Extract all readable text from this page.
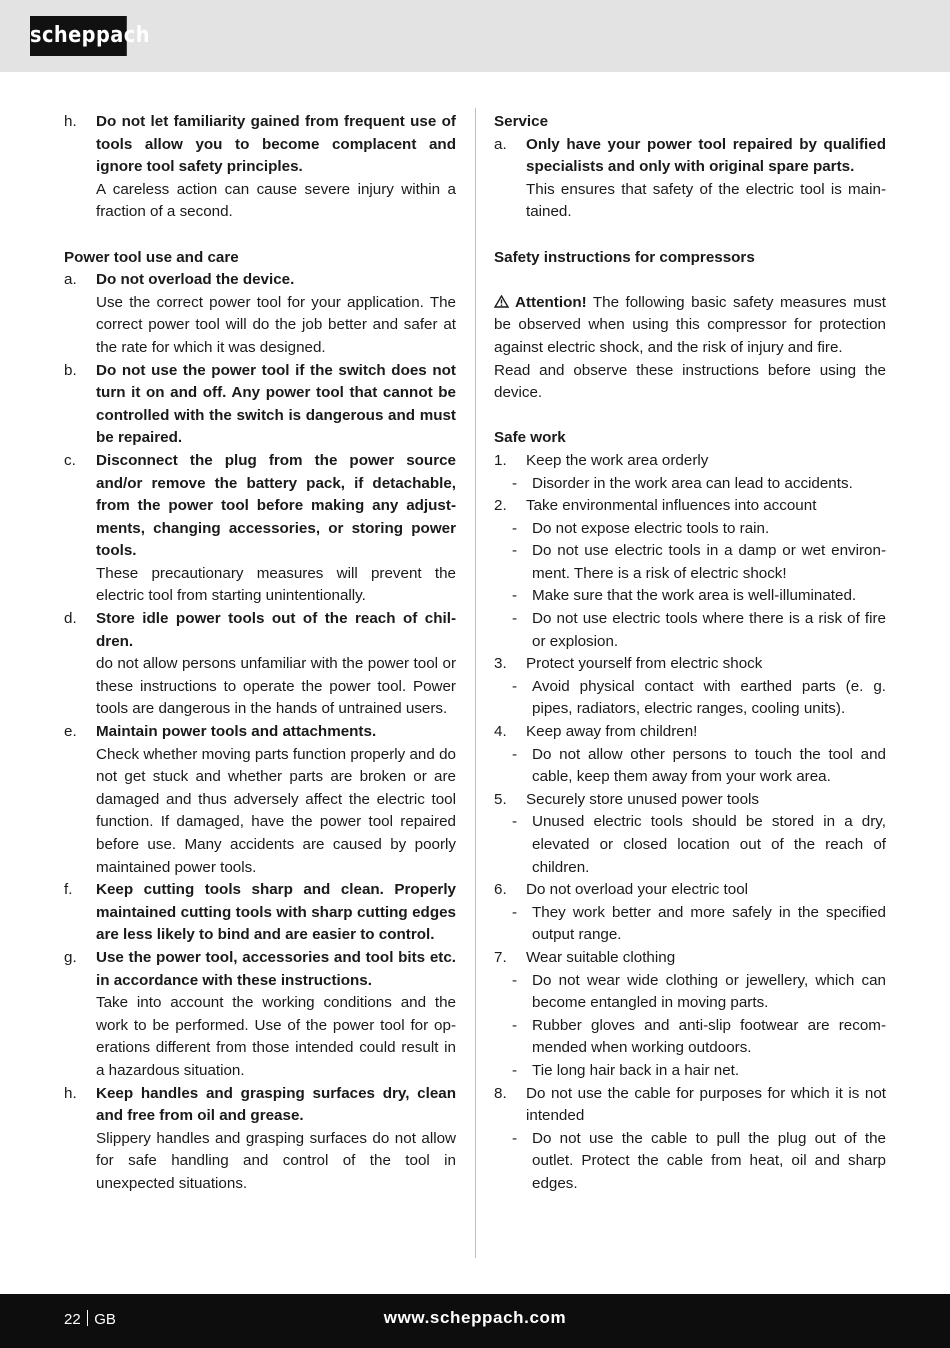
scheppach
h. Do not let familiarity gained from frequent use of tools allow you to become complacent and ignore tool safety principles.
A careless action can cause severe injury within a fraction of a second.
Power tool use and care
a. Do not overload the device.
Use the correct power tool for your application. The correct power tool will do the job better and safer at the rate for which it was designed.
b. Do not use the power tool if the switch does not turn it on and off. Any power tool that cannot be controlled with the switch is dangerous and must be repaired.
c. Disconnect the plug from the power source and/or remove the battery pack, if detachable, from the power tool before making any adjustments, changing accessories, or storing power tools.
These precautionary measures will prevent the electric tool from starting unintentionally.
d. Store idle power tools out of the reach of children.
do not allow persons unfamiliar with the power tool or these instructions to operate the power tool. Power tools are dangerous in the hands of untrained users.
e. Maintain power tools and attachments.
Check whether moving parts function properly and do not get stuck and whether parts are broken or are damaged and thus adversely affect the electric tool function. If damaged, have the power tool repaired before use. Many accidents are caused by poorly maintained power tools.
f. Keep cutting tools sharp and clean. Properly maintained cutting tools with sharp cutting edges are less likely to bind and are easier to control.
g. Use the power tool, accessories and tool bits etc. in accordance with these instructions.
Take into account the working conditions and the work to be performed. Use of the power tool for operations different from those intended could result in a hazardous situation.
h. Keep handles and grasping surfaces dry, clean and free from oil and grease.
Slippery handles and grasping surfaces do not allow for safe handling and control of the tool in unexpected situations.
Service
a. Only have your power tool repaired by qualified specialists and only with original spare parts.
This ensures that safety of the electric tool is maintained.
Safety instructions for compressors
Attention! The following basic safety measures must be observed when using this compressor for protection against electric shock, and the risk of injury and fire.
Read and observe these instructions before using the device.
Safe work
1. Keep the work area orderly
- Disorder in the work area can lead to accidents.
2. Take environmental influences into account
- Do not expose electric tools to rain.
- Do not use electric tools in a damp or wet environment. There is a risk of electric shock!
- Make sure that the work area is well-illuminated.
- Do not use electric tools where there is a risk of fire or explosion.
3. Protect yourself from electric shock
- Avoid physical contact with earthed parts (e. g. pipes, radiators, electric ranges, cooling units).
4. Keep away from children!
- Do not allow other persons to touch the tool and cable, keep them away from your work area.
5. Securely store unused power tools
- Unused electric tools should be stored in a dry, elevated or closed location out of the reach of children.
6. Do not overload your electric tool
- They work better and more safely in the specified output range.
7. Wear suitable clothing
- Do not wear wide clothing or jewellery, which can become entangled in moving parts.
- Rubber gloves and anti-slip footwear are recommended when working outdoors.
- Tie long hair back in a hair net.
8. Do not use the cable for purposes for which it is not intended
- Do not use the cable to pull the plug out of the outlet. Protect the cable from heat, oil and sharp edges.
22 GB	www.scheppach.com
